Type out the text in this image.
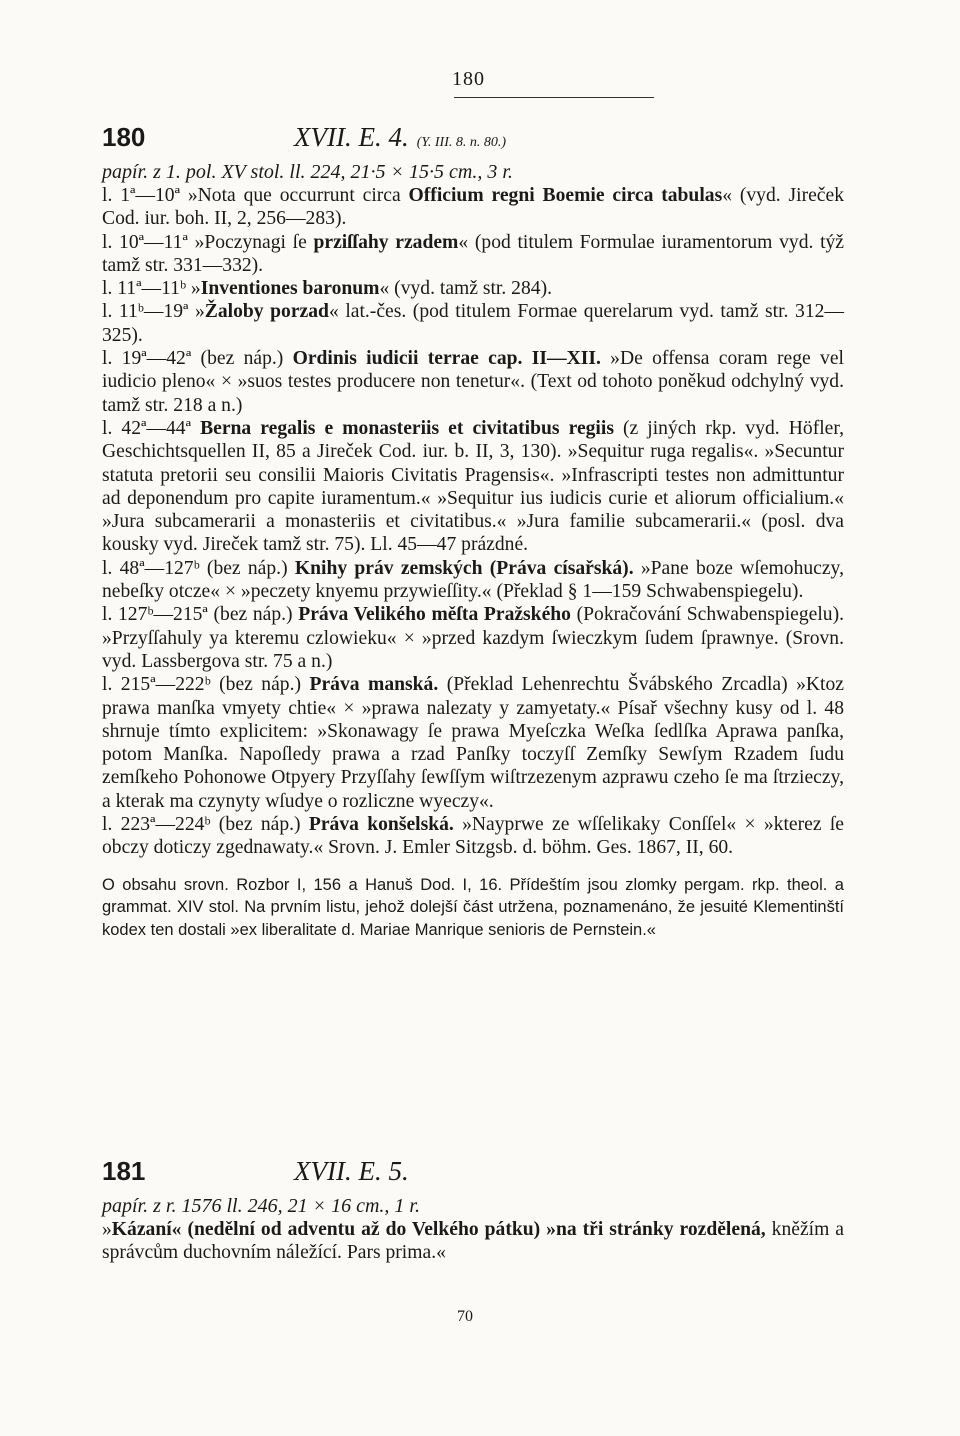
180
180	XVII. E. 4. (Y. III. 8. n. 80.)
papír. z 1. pol. XV stol. ll. 224, 21·5 × 15·5 cm., 3 r.

l. 1ª—10ª »Nota que occurrunt circa Officium regni Boemie circa tabulas« (vyd. Jireček Cod. iur. boh. II, 2, 256—283).

l. 10ª—11ª »Poczynagi ſe prziſſahy rzadem« (pod titulem Formulae iuramentorum vyd. týž tamž str. 331—332).

l. 11ª—11ᵇ »Inventiones baronum« (vyd. tamž str. 284).

l. 11ᵇ—19ª »Žaloby porzad« lat.-čes. (pod titulem Formae querelarum vyd. tamž str. 312—325).

l. 19ª—42ª (bez náp.) Ordinis iudicii terrae cap. II—XII. »De offensa coram rege vel iudicio pleno« × »suos testes producere non tenetur«. (Text od tohoto poněkud odchylný vyd. tamž str. 218 a n.)

l. 42ª—44ª Berna regalis e monasteriis et civitatibus regiis (z jiných rkp. vyd. Höfler, Geschichtsquellen II, 85 a Jireček Cod. iur. b. II, 3, 130). »Sequitur ruga regalis«. »Secuntur statuta pretorii seu consilii Maioris Civitatis Pragensis«. »Infrascripti testes non admittuntur ad deponendum pro capite iuramentum.« »Sequitur ius iudicis curie et aliorum officialium.« »Jura subcamerarii a monasteriis et civitatibus.« »Jura familie subcamerarii.« (posl. dva kousky vyd. Jireček tamž str. 75). Ll. 45—47 prázdné.

l. 48ª—127ᵇ (bez náp.) Knihy práv zemských (Práva císařská). »Pane boze wſemohuczy, nebeſky otcze« × »peczety knyemu przywieſſity.« (Překlad § 1—159 Schwabenspiegelu).

l. 127ᵇ—215ª (bez náp.) Práva Velikého měſta Pražského (Pokračování Schwabenspiegelu). »Przyſſahuly ya kteremu czlowieku« × »przed kazdym ſwieczkym ſudem ſprawnye. (Srovn. vyd. Lassbergova str. 75 a n.)

l. 215ª—222ᵇ (bez náp.) Práva manská. (Překlad Lehenrechtu Švábského Zrcadla) »Ktoz prawa manſka vmyety chtie« × »prawa nalezaty y zamyetaty.« Písař všechny kusy od l. 48 shrnuje tímto explicitem: »Skonawagy ſe prawa Myeſczka Weſka ſedlſka Aprawa panſka, potom Manſka. Napoſledy prawa a rzad Panſky toczyſſ Zemſky Sewſym Rzadem ſudu zemſkeho Pohonowe Otpyery Przyſſahy ſewſſym wiſtrzezenym azprawu czeho ſe ma ſtrzieczy, a kterak ma czynyty wſudye o rozliczne wyeczy«.

l. 223ª—224ᵇ (bez náp.) Práva konšelská. »Nayprwe ze wſſelikaky Conſſel« × »kterez ſe obczy doticzy zgednawaty.« Srovn. J. Emler Sitzgsb. d. böhm. Ges. 1867, II, 60.

O obsahu srovn. Rozbor I, 156 a Hanuš Dod. I, 16. Přídeštím jsou zlomky pergam. rkp. theol. a grammat. XIV stol. Na prvním listu, jehož dolejší část utržena, poznamenáno, že jesuité Klementinští kodex ten dostali »ex liberalitate d. Mariae Manrique senioris de Pernstein.«

181	XVII. E. 5.
papír. z r. 1576 ll. 246, 21 × 16 cm., 1 r.

»Kázaní« (nedělní od adventu až do Velkého pátku) »na tři stránky rozdělená, kněžím a správcům duchovním náležící. Pars prima.«

70
